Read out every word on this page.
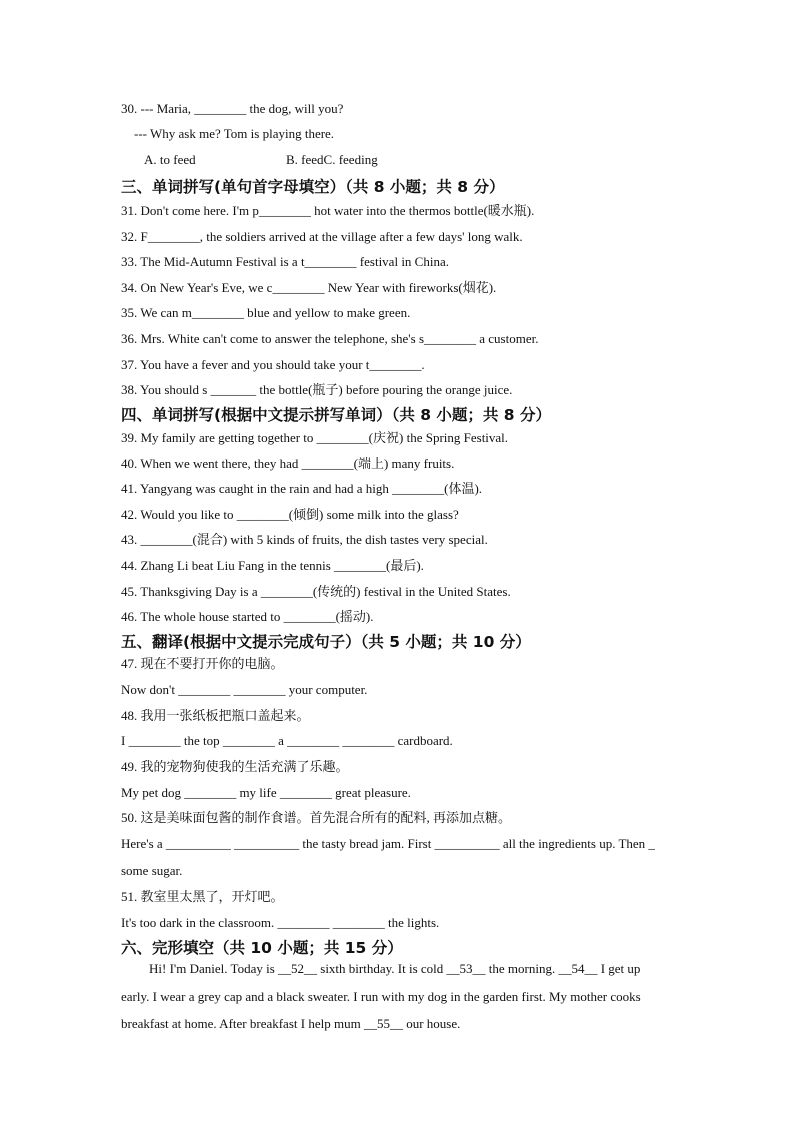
30. --- Maria, ________ the dog, will you?
--- Why ask me? Tom is playing there.
A. to feed	B. feedC. feeding
三、单词拼写(单句首字母填空）（共 8 小题；共 8 分）
31. Don't come here. I'm p________ hot water into the thermos bottle(暖水瓶).
32. F________, the soldiers arrived at the village after a few days' long walk.
33. The Mid-Autumn Festival is a t________ festival in China.
34. On New Year's Eve, we c________ New Year with fireworks(烟花).
35. We can m________ blue and yellow to make green.
36. Mrs. White can't come to answer the telephone, she's s________ a customer.
37. You have a fever and you should take your t________.
38. You should s _______ the bottle(瓶子) before pouring the orange juice.
四、单词拼写(根据中文提示拼写单词）（共 8 小题；共 8 分）
39. My family are getting together to ________(庆祝) the Spring Festival.
40. When we went there, they had ________(端上) many fruits.
41. Yangyang was caught in the rain and had a high ________(体温).
42. Would you like to ________(倾倒) some milk into the glass?
43. ________(混合) with 5 kinds of fruits, the dish tastes very special.
44. Zhang Li beat Liu Fang in the tennis ________(最后).
45. Thanksgiving Day is a ________(传统的) festival in the United States.
46. The whole house started to ________(摇动).
五、翻译(根据中文提示完成句子）（共 5 小题；共 10 分）
47. 现在不要打开你的电脑。
Now don't ________ ________ your computer.
48. 我用一张纸板把瓶口盖起来。
I ________ the top ________ a ________ ________ cardboard.
49. 我的宠物狗使我的生活充满了乐趣。
My pet dog ________ my life ________ great pleasure.
50. 这是美味面包酱的制作食谱。首先混合所有的配料, 再添加点糖。
Here's a __________ __________ the tasty bread jam. First __________ all the ingredients up. Then _
some sugar.
51. 教室里太黑了，开灯吧。
It's too dark in the classroom. ________ ________ the lights.
六、完形填空（共 10 小题；共 15 分）
Hi! I'm Daniel. Today is __52__ sixth birthday. It is cold __53__ the morning. __54__ I get up
early. I wear a grey cap and a black sweater. I run with my dog in the garden first. My mother cooks
breakfast at home. After breakfast I help mum __55__ our house.
